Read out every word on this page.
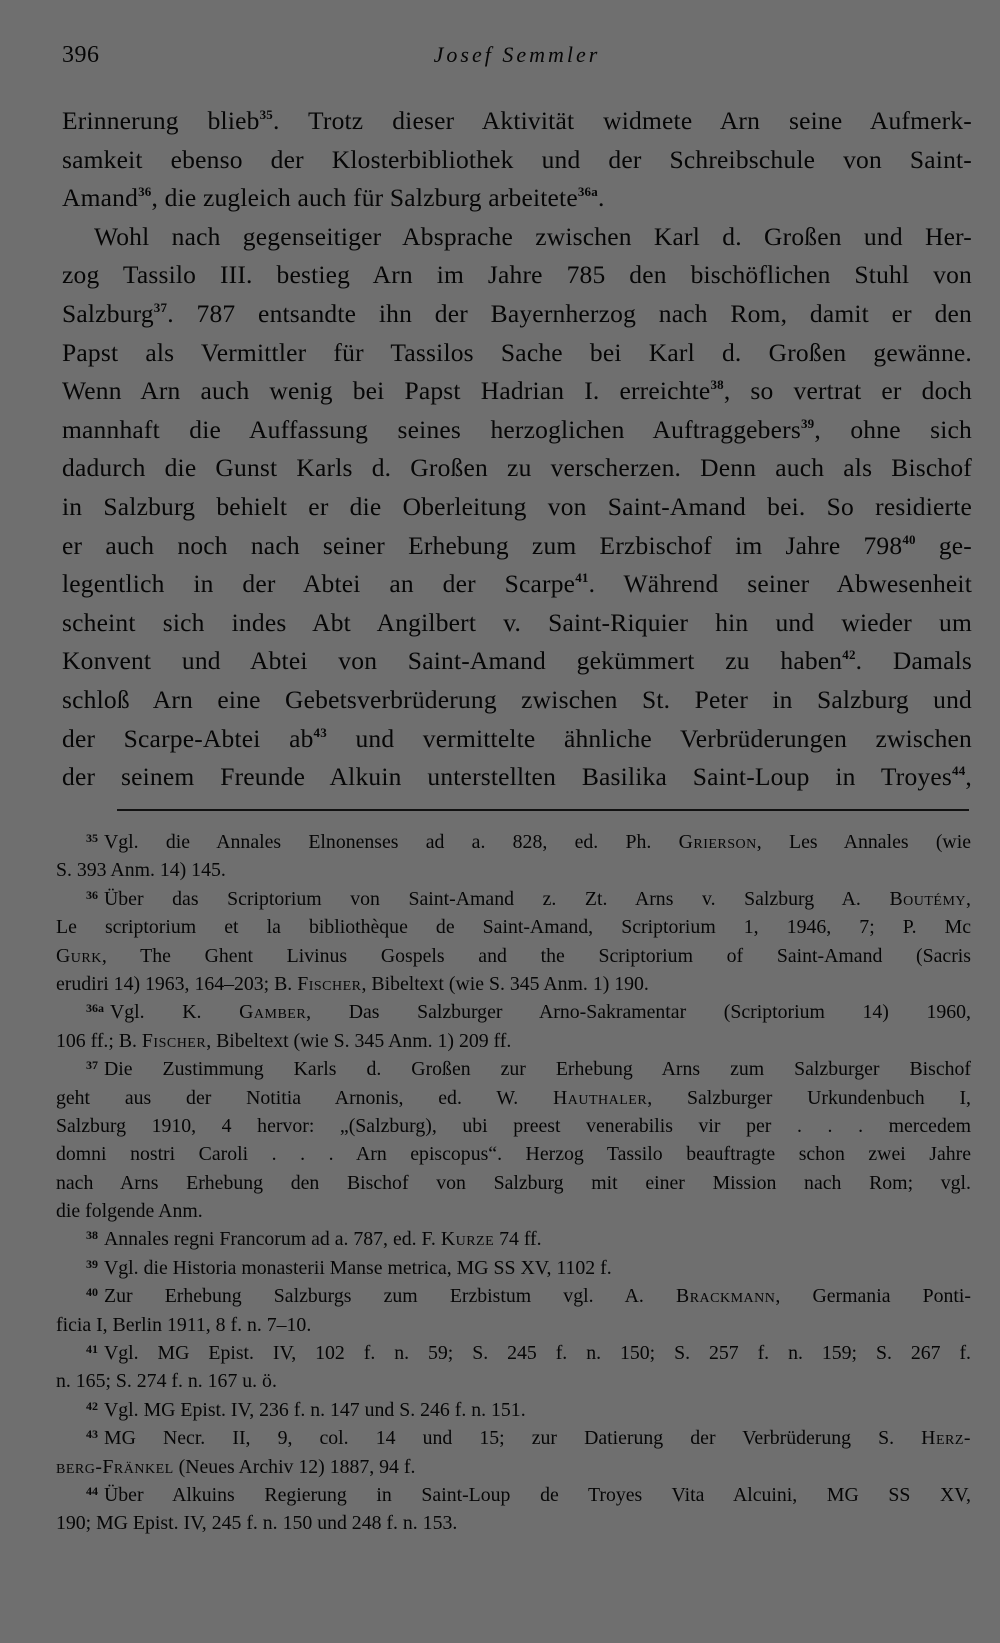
396	Josef Semmler
Erinnerung blieb$^{35}$. Trotz dieser Aktivität widmete Arn seine Aufmerk-
samkeit ebenso der Klosterbibliothek und der Schreibschule von Saint-
Amand$^{36}$, die zugleich auch für Salzburg arbeitete$^{36a}$.
Wohl nach gegenseitiger Absprache zwischen Karl d. Großen und Her-
zog Tassilo III. bestieg Arn im Jahre 785 den bischöflichen Stuhl von
Salzburg$^{37}$. 787 entsandte ihn der Bayernherzog nach Rom, damit er den
Papst als Vermittler für Tassilos Sache bei Karl d. Großen gewänne.
Wenn Arn auch wenig bei Papst Hadrian I. erreichte$^{38}$, so vertrat er doch
mannhaft die Auffassung seines herzoglichen Auftraggebers$^{39}$, ohne sich
dadurch die Gunst Karls d. Großen zu verscherzen. Denn auch als Bischof
in Salzburg behielt er die Oberleitung von Saint-Amand bei. So residierte
er auch noch nach seiner Erhebung zum Erzbischof im Jahre $798^{40}$ ge-
legentlich in der Abtei an der Scarpe$^{41}$. Während seiner Abwesenheit
scheint sich indes Abt Angilbert v. Saint-Riquier hin und wieder um
Konvent und Abtei von Saint-Amand gekümmert zu haben$^{42}$. Damals
schloß Arn eine Gebetsverbrüderung zwischen St. Peter in Salzburg und
der Scarpe-Abtei $ab^{43}$ und vermittelte ähnliche Verbrüderungen zwischen
der seinem Freunde Alkuin unterstellten Basilika Saint-Loup in Troyes$^{44}$,
$^{35}$ Vgl. die Annales Elnonenses ad a. 828, ed. Ph. Grierson, Les Annales (wie
S. 393 Anm. 14) 145.
$^{36}$ Über das Scriptorium von Saint-Amand z. Zt. Arns v. Salzburg A. Boutémy,
Le scriptorium et la bibliothèque de Saint-Amand, Scriptorium 1, 1946, 7; P. Mc
Gurk, The Ghent Livinus Gospels and the Scriptorium of Saint-Amand (Sacris
erudiri 14) 1963, 164–203; B. Fischer, Bibeltext (wie S. 345 Anm. 1) 190.
$^{36a}$ Vgl. K. Gamber, Das Salzburger Arno-Sakramentar (Scriptorium 14) 1960,
106 ff.; B. Fischer, Bibeltext (wie S. 345 Anm. 1) 209 ff.
$^{37}$ Die Zustimmung Karls d. Großen zur Erhebung Arns zum Salzburger Bischof
geht aus der Notitia Arnonis, ed. W. Hauthaler, Salzburger Urkundenbuch I,
Salzburg 1910, 4 hervor: „(Salzburg), ubi preest venerabilis vir per . . . mercedem
domni nostri Caroli . . . Arn episcopus“. Herzog Tassilo beauftragte schon zwei Jahre
nach Arns Erhebung den Bischof von Salzburg mit einer Mission nach Rom; vgl.
die folgende Anm.
$^{38}$ Annales regni Francorum ad a. 787, ed. F. Kurze 74 ff.
$^{39}$ Vgl. die Historia monasterii Manse metrica, MG SS XV, 1102 f.
$^{40}$ Zur Erhebung Salzburgs zum Erzbistum vgl. A. Brackmann, Germania Ponti-
ficia I, Berlin 1911, 8 f. n. 7–10.
$^{41}$ Vgl. MG Epist. IV, 102 f. n. 59; S. 245 f. n. 150; S. 257 f. n. 159; S. 267 f.
n. 165; S. 274 f. n. 167 u. ö.
$^{42}$ Vgl. MG Epist. IV, 236 f. n. 147 und S. 246 f. n. 151.
$^{43}$ MG Necr. II, 9, col. 14 und 15; zur Datierung der Verbrüderung S. Herz-
berg-Fränkel (Neues Archiv 12) 1887, 94 f.
$^{44}$ Über Alkuins Regierung in Saint-Loup de Troyes Vita Alcuini, MG SS XV,
190; MG Epist. IV, 245 f. n. 150 und 248 f. n. 153.
